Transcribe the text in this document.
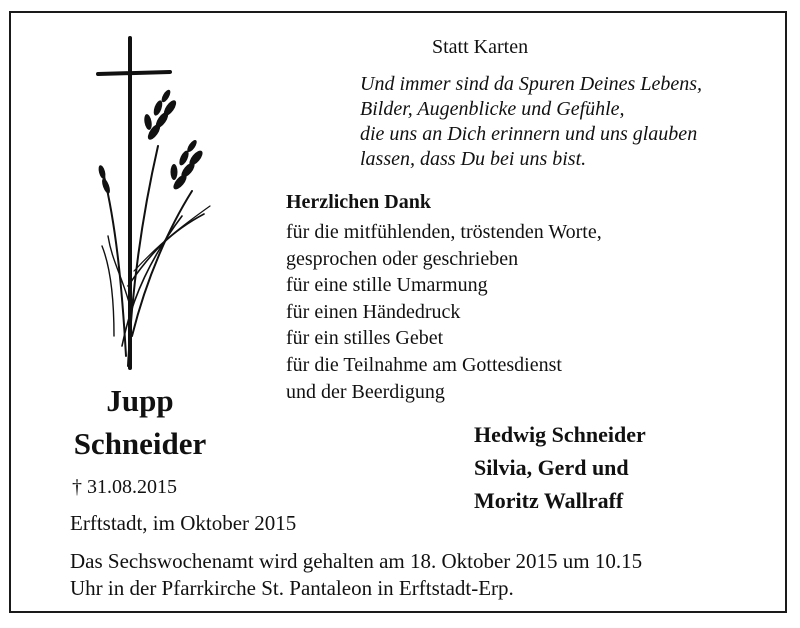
Statt Karten
Und immer sind da Spuren Deines Lebens,
Bilder, Augenblicke und Gefühle,
die uns an Dich erinnern und uns glauben
lassen, dass Du bei uns bist.
Herzlichen Dank
für die mitfühlenden, tröstenden Worte,
gesprochen oder geschrieben
für eine stille Umarmung
für einen Händedruck
für ein stilles Gebet
für die Teilnahme am Gottesdienst
und der Beerdigung
Jupp
Schneider
† 31.08.2015
Hedwig Schneider
Silvia, Gerd und
Moritz Wallraff
Erftstadt, im Oktober 2015
Das Sechswochenamt wird gehalten am 18. Oktober 2015 um 10.15
Uhr in der Pfarrkirche St. Pantaleon in Erftstadt-Erp.
